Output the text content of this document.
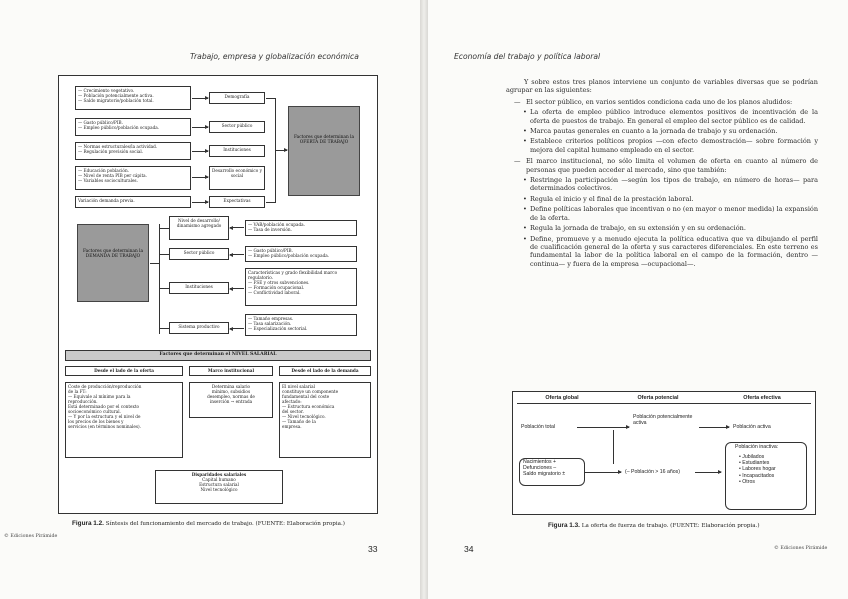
Trabajo, empresa y globalización económica
— Crecimiento vegetativo.
— Población potencialmente activa.
— Saldo migratorio/población total.
— Gasto público/PIB.
— Empleo público/población ocupada.
— Normas estructurales/la actividad.
— Regulación previsión social.
— Educación población.
— Nivel de renta PIB per cápita.
— Variables socioculturales.
Variación demanda previa.
Demografía
Sector público
Instituciones
Desarrollo económico y social
Expectativas
Factores que determinan la OFERTA DE TRABAJO
Factores que determinan la DEMANDA DE TRABAJO
Nivel de desarrollo/ dinamismo agregado
Sector público
Instituciones
Sistema productivo
— VAB/población ocupada.
— Tasa de inversión.
— Gasto público/PIB.
— Empleo público/población ocupada.
Características y grado flexibilidad marco regulatorio.
— FSE y otros subvenciones.
— Formación ocupacional.
— Conflictividad laboral.
— Tamaño empresas.
— Tasa salarización.
— Especialización sectorial.
Factores que determinan el NIVEL SALARIAL
Desde el lado de la oferta	Marco institucional	Desde el lado de la demanda
Coste de producción/reproducción
de la FT:
— Equivale al mínimo para la
reproducción.
Está determinado por el contexto
socioeconómico cultural.
— Y por la estructura y el nivel de
los precios de los bienes y
servicios (en términos nominales).
Determina salario
mínimo, subsidios
desempleo, normas de
inserción → entrada
El nivel salarial
constituye un componente
fundamental del coste
afectado:
— Estructura económica
del sector.
— Nivel tecnológico.
— Tamaño de la
empresa.
Disparidades salariales
Capital humano
Estructura salarial
Nivel tecnológico
Figura 1.2. Síntesis del funcionamiento del mercado de trabajo. (FUENTE: Elaboración propia.)
© Ediciones Pirámide
33
Economía del trabajo y política laboral

Y sobre estos tres planos interviene un conjunto de variables diversas que se podrían agrupar en las siguientes:

— El sector público, en varios sentidos condiciona cada uno de los planos aludidos:
• La oferta de empleo público introduce elementos positivos de incentivación de la oferta de puestos de trabajo. En general el empleo del sector público es de calidad.
• Marca pautas generales en cuanto a la jornada de trabajo y su ordenación.
• Establece criterios políticos propios —con efecto demostración— sobre formación y mejora del capital humano empleado en el sector.
— El marco institucional, no sólo limita el volumen de oferta en cuanto al número de personas que pueden acceder al mercado, sino que también:
• Restringe la participación —según los tipos de trabajo, en número de horas— para determinados colectivos.
• Regula el inicio y el final de la prestación laboral.
• Define políticas laborales que incentivan o no (en mayor o menor medida) la expansión de la oferta.
• Regula la jornada de trabajo, en su extensión y en su ordenación.
• Define, promueve y a menudo ejecuta la política educativa que va dibujando el perfil de cualificación general de la oferta y sus caracteres diferenciales. En este terreno es fundamental la labor de la política laboral en el campo de la formación, dentro —continua— y fuera de la empresa —ocupacional—.
Oferta global	Oferta potencial	Oferta efectiva
Población total
Población potencialmente activa
Población activa
Nacimientos +
Defunciones –
Saldo migratorio ±	(– Población > 16 años)
Población inactiva:
• Jubilados
• Estudiantes
• Labores hogar
• Incapacitados
• Otros
Figura 1.3. La oferta de fuerza de trabajo. (FUENTE: Elaboración propia.)
34	© Ediciones Pirámide
